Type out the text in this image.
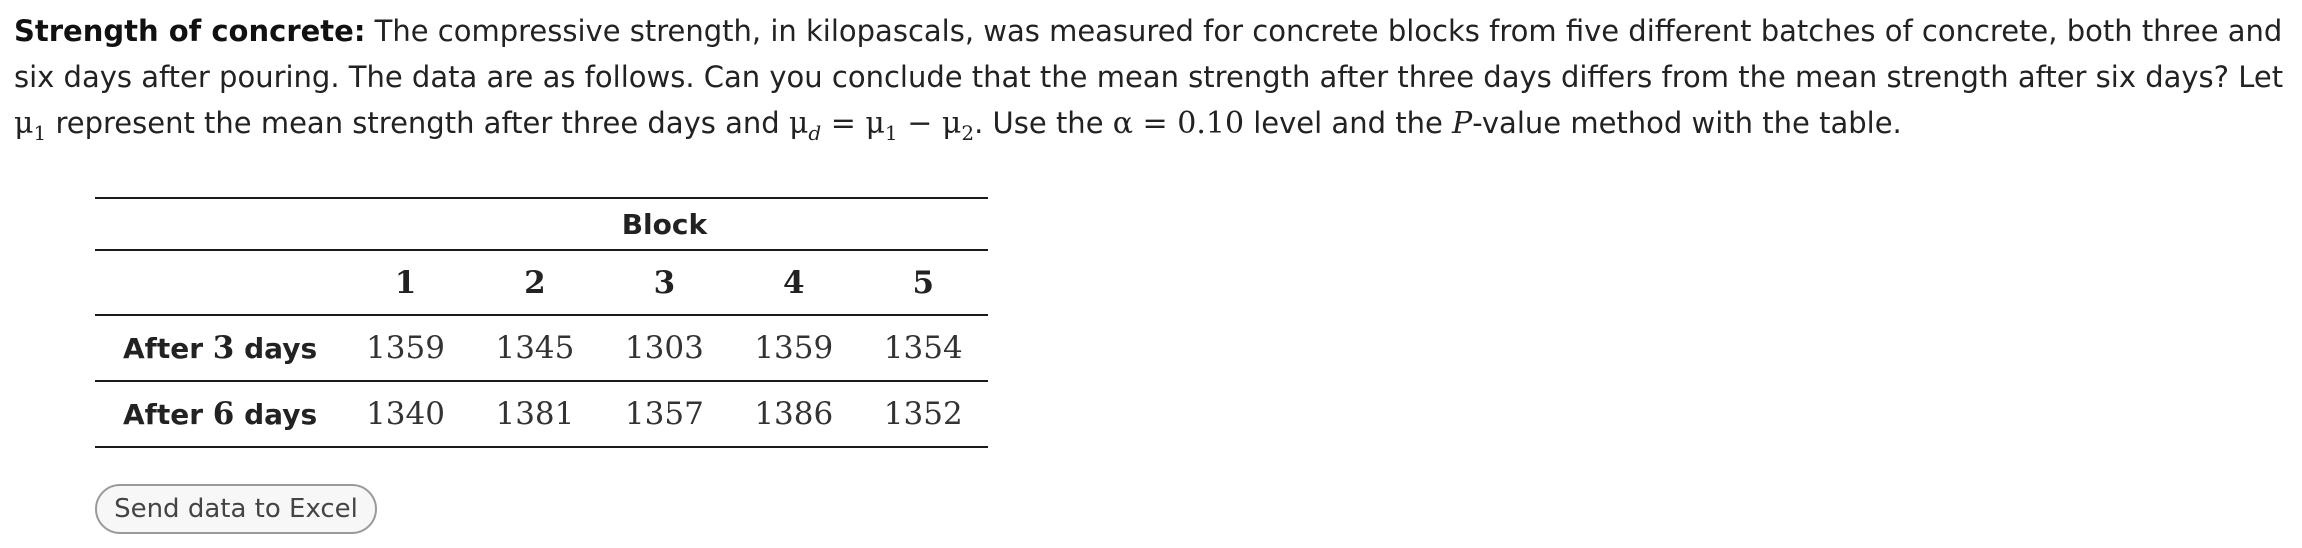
Strength of concrete: The compressive strength, in kilopascals, was measured for concrete blocks from five different batches of concrete, both three and six days after pouring. The data are as follows. Can you conclude that the mean strength after three days differs from the mean strength after six days? Let $\mu_1$ represent the mean strength after three days and $\mu_d = \mu_1 - \mu_2$. Use the α = 0.10 level and the P-value method with the table.
	Block				
	1	2	3	4	5
After 3 days	1359	1345	1303	1359	1354
After 6 days	1340	1381	1357	1386	1352
Send data to Excel
